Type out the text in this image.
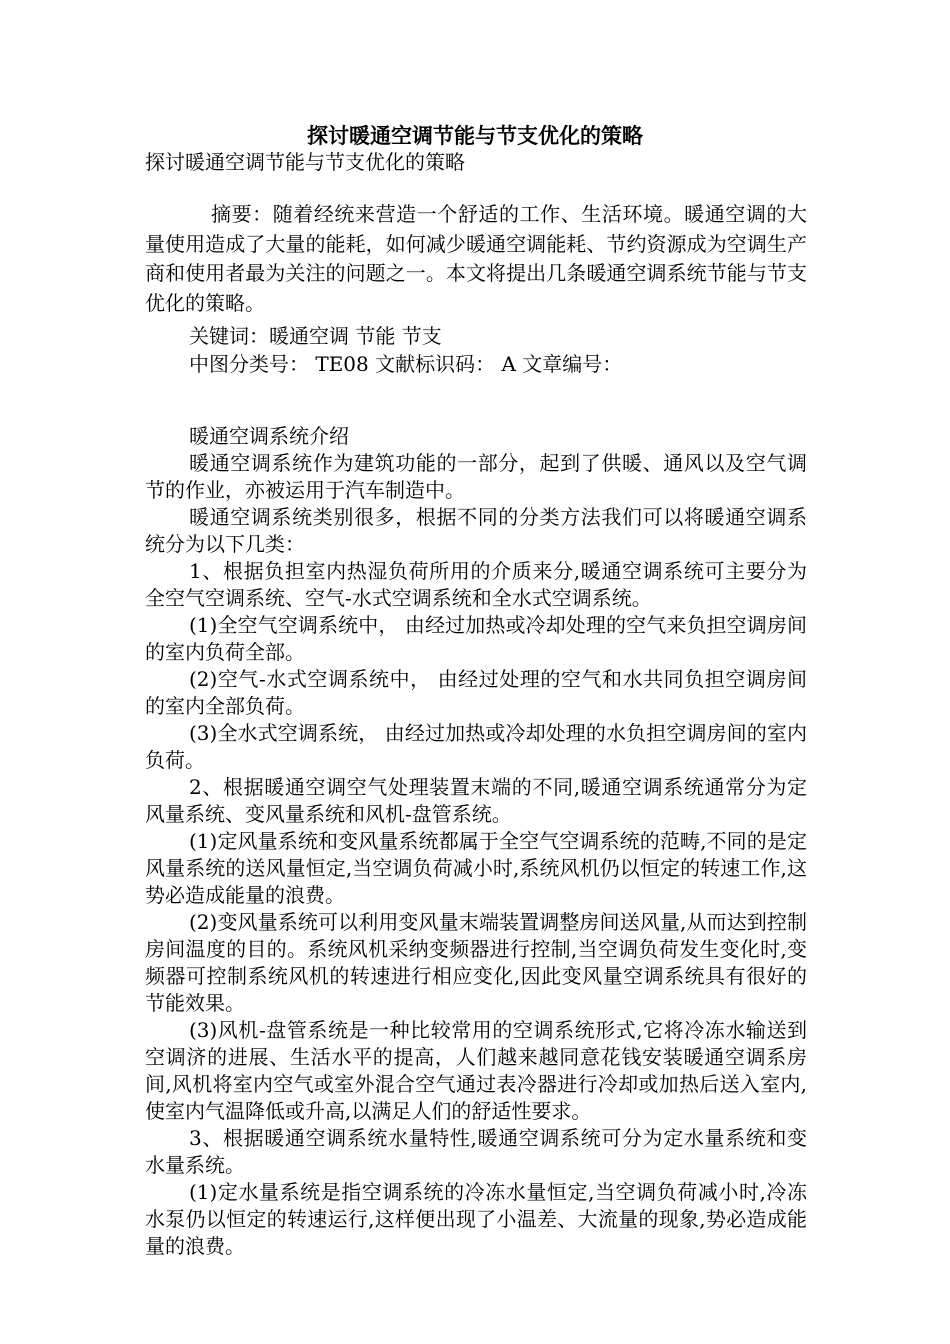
探讨暖通空调节能与节支优化的策略

探讨暖通空调节能与节支优化的策略

摘要：随着经统来营造一个舒适的工作、生活环境。暖通空调的大量使用造成了大量的能耗，如何减少暖通空调能耗、节约资源成为空调生产商和使用者最为关注的问题之一。本文将提出几条暖通空调系统节能与节支优化的策略。

关键词：暖通空调 节能 节支

中图分类号： TE08 文献标识码： A 文章编号：

暖通空调系统介绍

暖通空调系统作为建筑功能的一部分，起到了供暖、通风以及空气调节的作业，亦被运用于汽车制造中。

暖通空调系统类别很多，根据不同的分类方法我们可以将暖通空调系统分为以下几类：

1、根据负担室内热湿负荷所用的介质来分,暖通空调系统可主要分为全空气空调系统、空气-水式空调系统和全水式空调系统。

(1)全空气空调系统中， 由经过加热或冷却处理的空气来负担空调房间的室内负荷全部。

(2)空气-水式空调系统中， 由经过处理的空气和水共同负担空调房间的室内全部负荷。

(3)全水式空调系统， 由经过加热或冷却处理的水负担空调房间的室内负荷。

2、根据暖通空调空气处理装置末端的不同,暖通空调系统通常分为定风量系统、变风量系统和风机-盘管系统。

(1)定风量系统和变风量系统都属于全空气空调系统的范畴,不同的是定风量系统的送风量恒定,当空调负荷减小时,系统风机仍以恒定的转速工作,这势必造成能量的浪费。

(2)变风量系统可以利用变风量末端装置调整房间送风量,从而达到控制房间温度的目的。系统风机采纳变频器进行控制,当空调负荷发生变化时,变频器可控制系统风机的转速进行相应变化,因此变风量空调系统具有很好的节能效果。

(3)风机-盘管系统是一种比较常用的空调系统形式,它将冷冻水输送到空调济的进展、生活水平的提高，人们越来越同意花钱安装暖通空调系房间,风机将室内空气或室外混合空气通过表冷器进行冷却或加热后送入室内,使室内气温降低或升高,以满足人们的舒适性要求。

3、根据暖通空调系统水量特性,暖通空调系统可分为定水量系统和变水量系统。

(1)定水量系统是指空调系统的冷冻水量恒定,当空调负荷减小时,冷冻水泵仍以恒定的转速运行,这样便出现了小温差、大流量的现象,势必造成能量的浪费。
